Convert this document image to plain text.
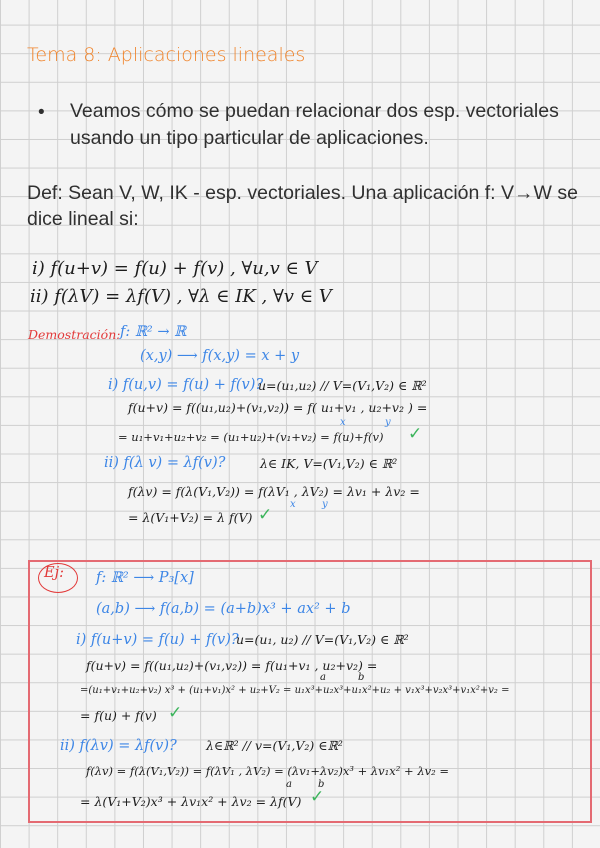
Tema 8: Aplicaciones lineales

• Veamos cómo se puedan relacionar dos esp. vectoriales

usando un tipo particular de aplicaciones.

Def: Sean V, W, IK - esp. vectoriales. Una aplicación f: V→W se

dice lineal si:

i) f(u+v) = f(u) + f(v) , ∀u,v ∈ V

ii) f(λV) = λf(V) , ∀λ ∈ IK , ∀v ∈ V

Demostración: f: ℝ² → ℝ

(x,y) ⟶ f(x,y) = x + y

i) f(u,v) = f(u) + f(v)?

u=(u₁,u₂) // V=(V₁,V₂) ∈ ℝ²

f(u+v) = f((u₁,u₂)+(v₁,v₂)) = f( u₁+v₁ , u₂+v₂ ) =

x	y

= u₁+v₁+u₂+v₂ = (u₁+u₂)+(v₁+v₂) = f(u)+f(v) ✓

ii) f(λ v) = λf(v)?	λ∈ IK, V=(V₁,V₂) ∈ ℝ²

f(λv) = f(λ(V₁,V₂)) = f(λV₁ , λV₂) = λv₁ + λv₂ =

x	y

= λ(V₁+V₂) = λ f(V) ✓

Ej: f: ℝ² ⟶ P₃[x]

(a,b) ⟶ f(a,b) = (a+b)x³ + ax² + b

i) f(u+v) = f(u) + f(v)?

u=(u₁, u₂) // V=(V₁,V₂) ∈ ℝ²

f(u+v) = f((u₁,u₂)+(v₁,v₂)) = f(u₁+v₁ , u₂+v₂) =

a	b

=(u₁+v₁+u₂+v₂) x³ + (u₁+v₁)x² + u₂+V₂ = u₁x³+u₂x³+u₁x²+u₂ + v₁x³+v₂x³+v₁x²+v₂ =

= f(u) + f(v) ✓

ii) f(λv) = λf(v)? λ∈ℝ² // v=(V₁,V₂) ∈ℝ²

f(λv) = f(λ(V₁,V₂)) = f(λV₁ , λV₂) = (λv₁+λv₂)x³ + λv₁x² + λv₂ =

a	b

= λ(V₁+V₂)x³ + λv₁x² + λv₂ = λf(V) ✓
